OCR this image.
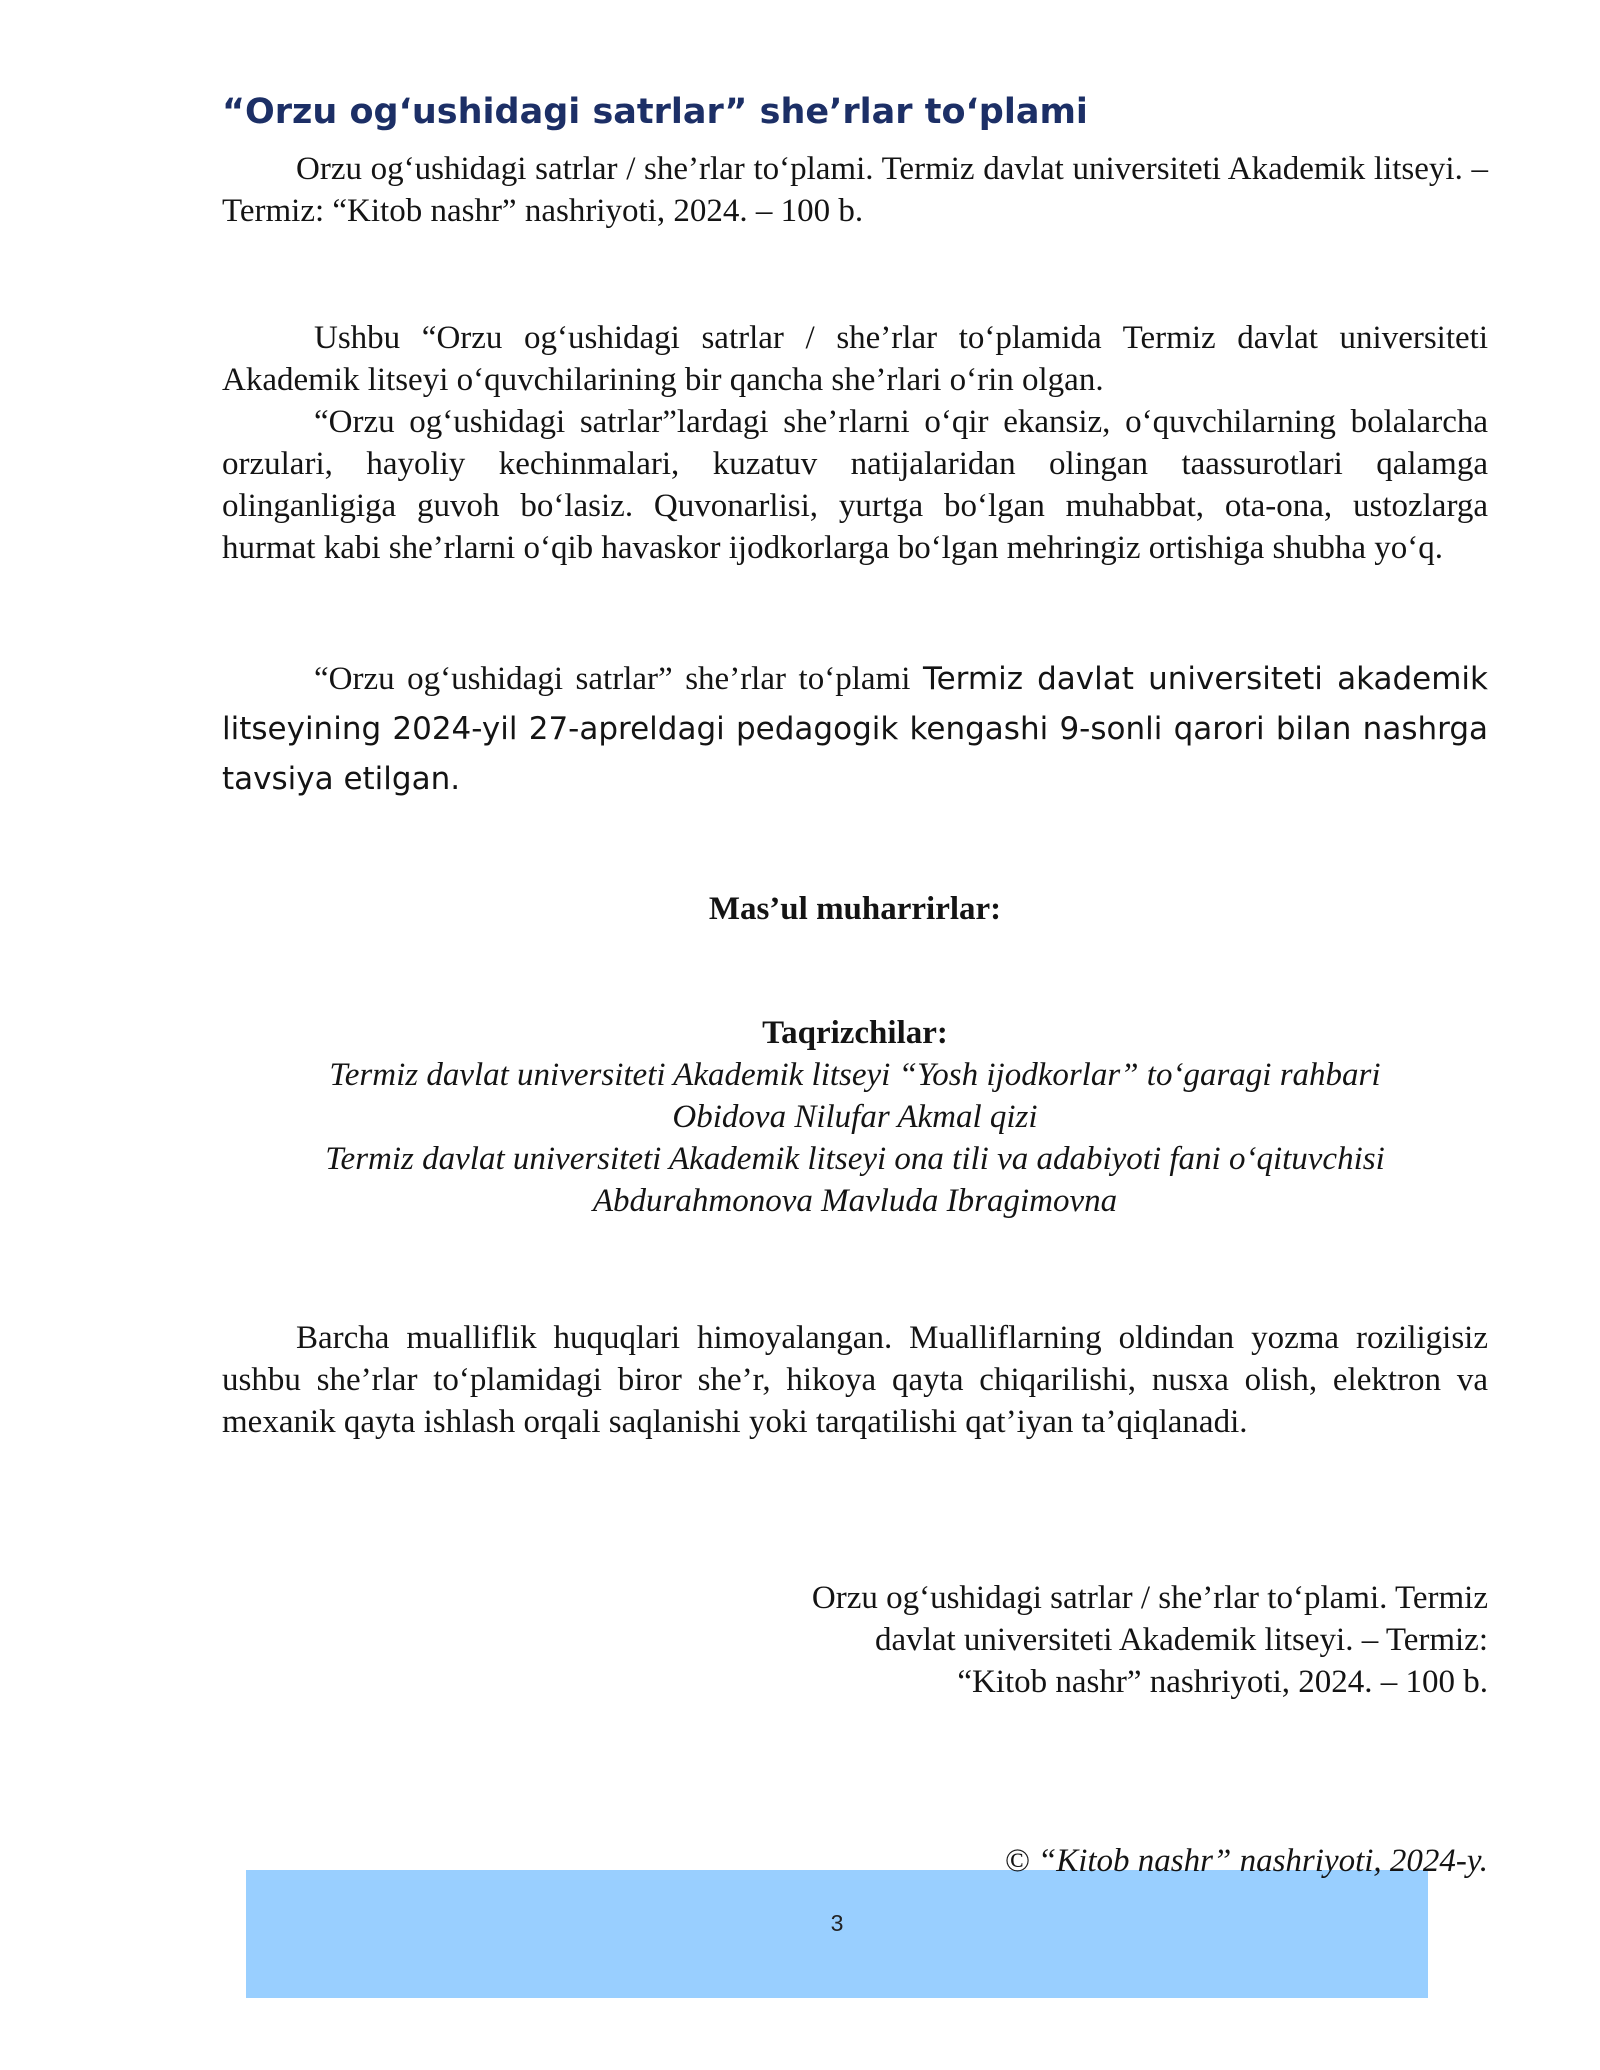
“Orzu og‘ushidagi satrlar” she’rlar to‘plami

Orzu og‘ushidagi satrlar / she’rlar to‘plami. Termiz davlat universiteti Akademik litseyi. – Termiz: “Kitob nashr” nashriyoti, 2024. – 100 b.

Ushbu “Orzu og‘ushidagi satrlar / she’rlar to‘plamida Termiz davlat universiteti Akademik litseyi o‘quvchilarining bir qancha she’rlari o‘rin olgan.

“Orzu og‘ushidagi satrlar”lardagi she’rlarni o‘qir ekansiz, o‘quvchilarning bolalarcha orzulari, hayoliy kechinmalari, kuzatuv natijalaridan olingan taassurotlari qalamga olinganligiga guvoh bo‘lasiz. Quvonarlisi, yurtga bo‘lgan muhabbat, ota-ona, ustozlarga hurmat kabi she’rlarni o‘qib havaskor ijodkorlarga bo‘lgan mehringiz ortishiga shubha yo‘q.

“Orzu og‘ushidagi satrlar” she’rlar to‘plami Termiz davlat universiteti akademik litseyining 2024-yil 27-apreldagi pedagogik kengashi 9-sonli qarori bilan nashrga tavsiya etilgan.

Mas’ul muharrirlar:
Taqrizchilar:
Termiz davlat universiteti Akademik litseyi “Yosh ijodkorlar” to‘garagi rahbari
Obidova Nilufar Akmal qizi
Termiz davlat universiteti Akademik litseyi ona tili va adabiyoti fani o‘qituvchisi
Abdurahmonova Mavluda Ibragimovna

Barcha mualliflik huquqlari himoyalangan. Mualliflarning oldindan yozma roziligisiz ushbu she’rlar to‘plamidagi biror she’r, hikoya qayta chiqarilishi, nusxa olish, elektron va mexanik qayta ishlash orqali saqlanishi yoki tarqatilishi qat’iyan ta’qiqlanadi.

Orzu og‘ushidagi satrlar / she’rlar to‘plami. Termiz
davlat universiteti Akademik litseyi. – Termiz:
“Kitob nashr” nashriyoti, 2024. – 100 b.
© “Kitob nashr” nashriyoti, 2024-y.
3
